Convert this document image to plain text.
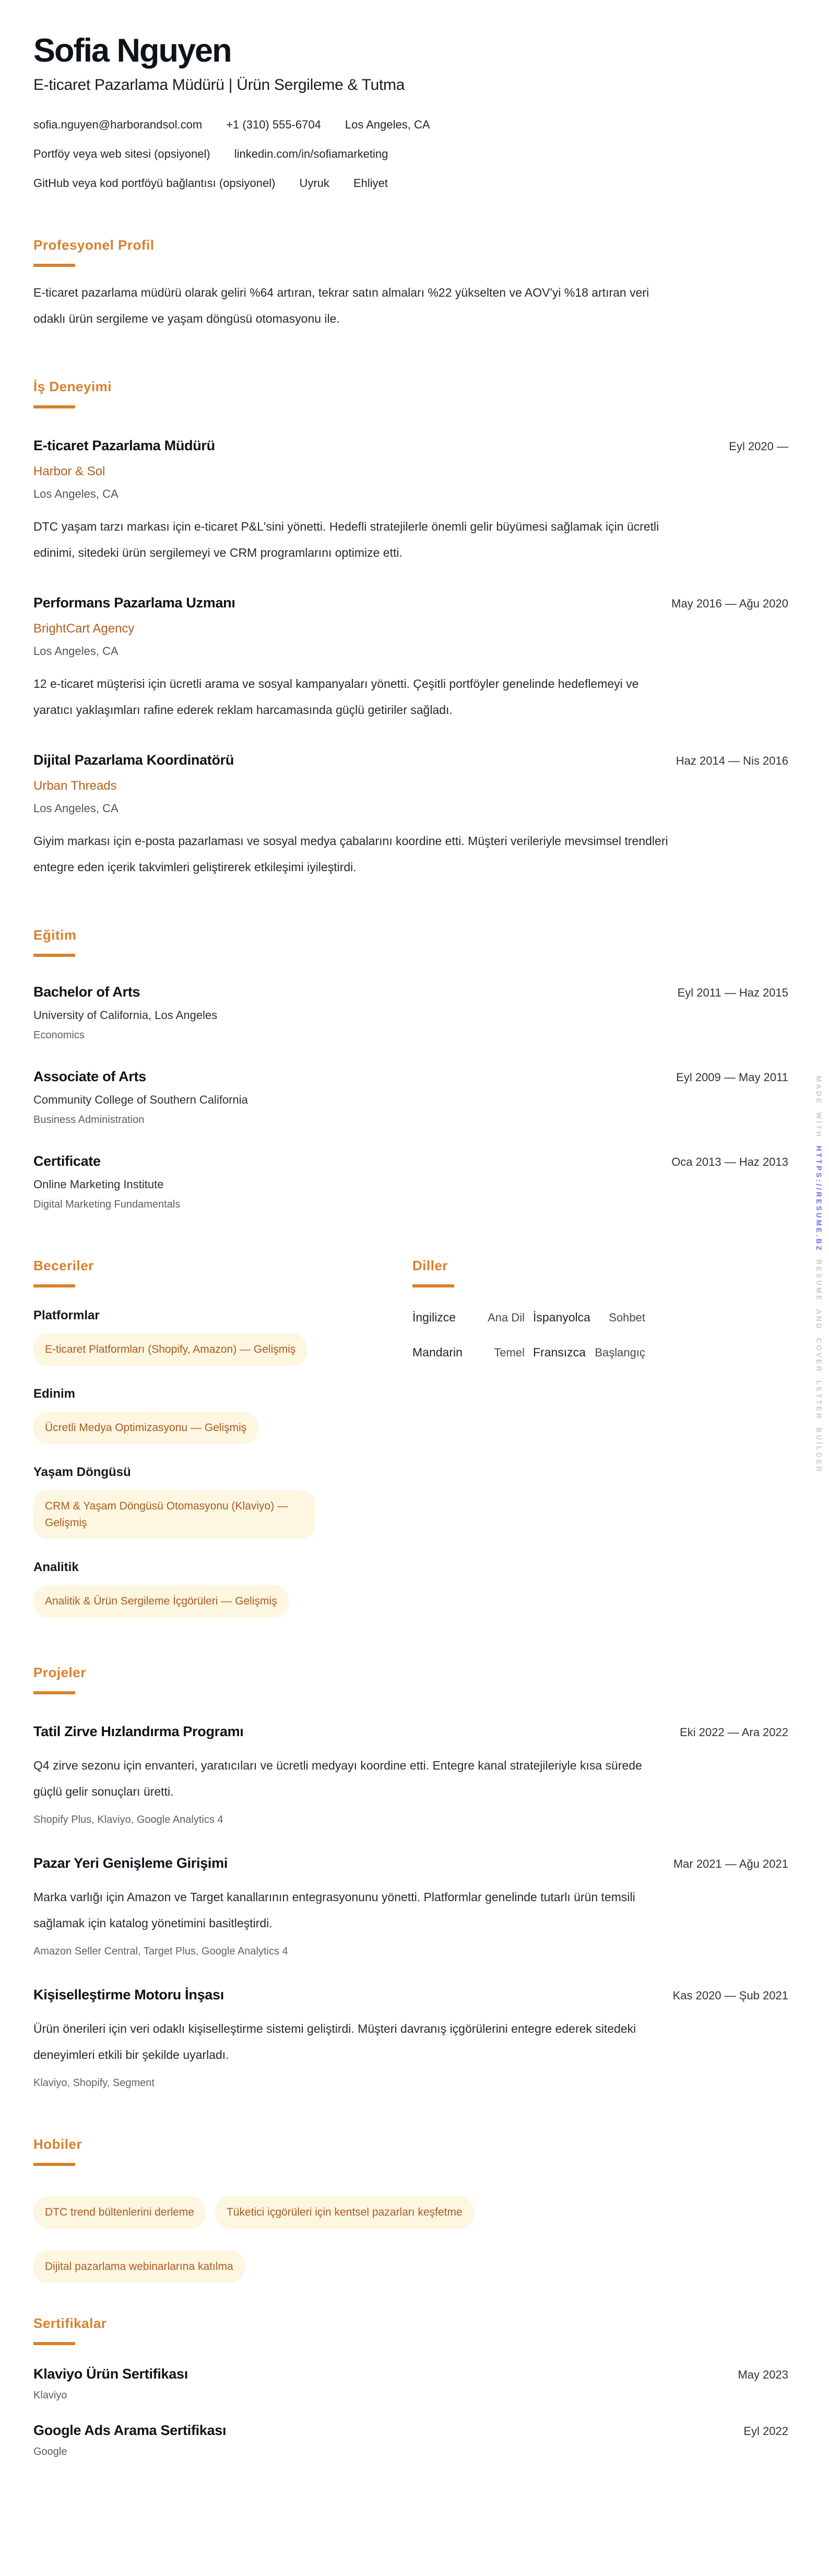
Sofia Nguyen
E-ticaret Pazarlama Müdürü | Ürün Sergileme & Tutma
sofia.nguyen@harborandsol.com +1 (310) 555-6704 Los Angeles, CA
Portföy veya web sitesi (opsiyonel) linkedin.com/in/sofiamarketing
GitHub veya kod portföyü bağlantısı (opsiyonel) Uyruk Ehliyet
Profesyonel Profil

E-ticaret pazarlama müdürü olarak geliri %64 artıran, tekrar satın almaları %22 yükselten ve AOV'yi %18 artıran veri odaklı ürün sergileme ve yaşam döngüsü otomasyonu ile.

İş Deneyimi
E-ticaret Pazarlama Müdürü	Eyl 2020 —
Harbor & Sol
Los Angeles, CA

DTC yaşam tarzı markası için e-ticaret P&L'sini yönetti. Hedefli stratejilerle önemli gelir büyümesi sağlamak için ücretli edinimi, sitedeki ürün sergilemeyi ve CRM programlarını optimize etti.

Performans Pazarlama Uzmanı	May 2016 — Ağu 2020
BrightCart Agency
Los Angeles, CA

12 e-ticaret müşterisi için ücretli arama ve sosyal kampanyaları yönetti. Çeşitli portföyler genelinde hedeflemeyi ve yaratıcı yaklaşımları rafine ederek reklam harcamasında güçlü getiriler sağladı.

Dijital Pazarlama Koordinatörü	Haz 2014 — Nis 2016
Urban Threads
Los Angeles, CA

Giyim markası için e-posta pazarlaması ve sosyal medya çabalarını koordine etti. Müşteri verileriyle mevsimsel trendleri entegre eden içerik takvimleri geliştirerek etkileşimi iyileştirdi.

Eğitim
Bachelor of Arts	Eyl 2011 — Haz 2015
University of California, Los Angeles
Economics
Associate of Arts	Eyl 2009 — May 2011
Community College of Southern California
Business Administration
Certificate	Oca 2013 — Haz 2013
Online Marketing Institute
Digital Marketing Fundamentals
Beceriler
Platformlar
E-ticaret Platformları (Shopify, Amazon) — Gelişmiş
Edinim
Ücretli Medya Optimizasyonu — Gelişmiş
Yaşam Döngüsü
CRM & Yaşam Döngüsü Otomasyonu (Klaviyo) — Gelişmiş
Analitik
Analitik & Ürün Sergileme İçgörüleri — Gelişmiş
Diller
İngilizce	Ana Dil İspanyolca Sohbet
Mandarin	Temel Fransızca Başlangıç
Projeler
Tatil Zirve Hızlandırma Programı	Eki 2022 — Ara 2022

Q4 zirve sezonu için envanteri, yaratıcıları ve ücretli medyayı koordine etti. Entegre kanal stratejileriyle kısa sürede güçlü gelir sonuçları üretti.

Shopify Plus, Klaviyo, Google Analytics 4
Pazar Yeri Genişleme Girişimi	Mar 2021 — Ağu 2021

Marka varlığı için Amazon ve Target kanallarının entegrasyonunu yönetti. Platformlar genelinde tutarlı ürün temsili sağlamak için katalog yönetimini basitleştirdi.

Amazon Seller Central, Target Plus, Google Analytics 4
Kişiselleştirme Motoru İnşası	Kas 2020 — Şub 2021

Ürün önerileri için veri odaklı kişiselleştirme sistemi geliştirdi. Müşteri davranış içgörülerini entegre ederek sitedeki deneyimleri etkili bir şekilde uyarladı.

Klaviyo, Shopify, Segment
Hobiler
DTC trend bültenlerini derleme	Tüketici içgörüleri için kentsel pazarları keşfetme
Dijital pazarlama webinarlarına katılma
Sertifikalar
Klaviyo Ürün Sertifikası	May 2023
Klaviyo
Google Ads Arama Sertifikası	Eyl 2022
Google
MADE WİTH HTTPS://RESUME.BZ RESUME AND COVER LETTER BUİLDER
